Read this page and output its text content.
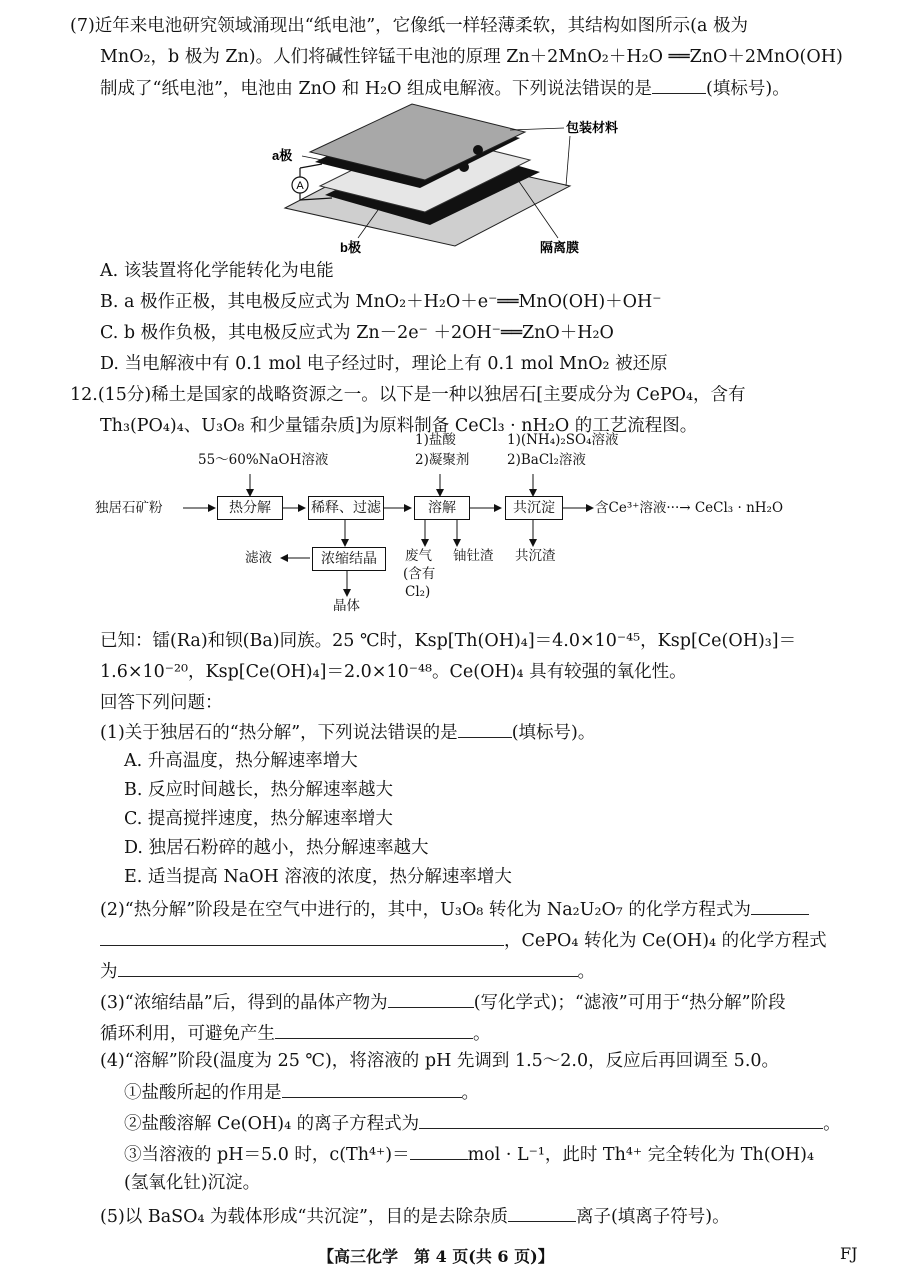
(7)近年来电池研究领域涌现出“纸电池”，它像纸一样轻薄柔软，其结构如图所示(a 极为
MnO₂，b 极为 Zn)。人们将碱性锌锰干电池的原理 Zn＋2MnO₂＋H₂O ══ZnO＋2MnO(OH)
制成了“纸电池”，电池由 ZnO 和 H₂O 组成电解液。下列说法错误的是	(填标号)。
A
a极
b极
包装材料
隔离膜
A. 该装置将化学能转化为电能
B. a 极作正极，其电极反应式为 MnO₂＋H₂O＋e⁻══MnO(OH)＋OH⁻
C. b 极作负极，其电极反应式为 Zn－2e⁻ ＋2OH⁻══ZnO＋H₂O
D. 当电解液中有 0.1 mol 电子经过时，理论上有 0.1 mol MnO₂ 被还原
12.(15分)稀土是国家的战略资源之一。以下是一种以独居石[主要成分为 CePO₄，含有
Th₃(PO₄)₄、U₃O₈ 和少量镭杂质]为原料制备 CeCl₃ · nH₂O 的工艺流程图。
独居石矿粉
55～60%NaOH溶液
热分解	稀释、过滤	溶解	共沉淀
浓缩结晶
1)盐酸
2)凝聚剂
1)(NH₄)₂SO₄溶液
2)BaCl₂溶液
含Ce³⁺溶液···→ CeCl₃ · nH₂O
滤液
晶体
废气
(含有
Cl₂)
铀钍渣 共沉渣
已知：镭(Ra)和钡(Ba)同族。25 ℃时，Ksp[Th(OH)₄]＝4.0×10⁻⁴⁵，Ksp[Ce(OH)₃]＝
1.6×10⁻²⁰，Ksp[Ce(OH)₄]＝2.0×10⁻⁴⁸。Ce(OH)₄ 具有较强的氧化性。
回答下列问题：
(1)关于独居石的“热分解”，下列说法错误的是	(填标号)。
A. 升高温度，热分解速率增大
B. 反应时间越长，热分解速率越大
C. 提高搅拌速度，热分解速率增大
D. 独居石粉碎的越小，热分解速率越大
E. 适当提高 NaOH 溶液的浓度，热分解速率增大
(2)“热分解”阶段是在空气中进行的，其中，U₃O₈ 转化为 Na₂U₂O₇ 的化学方程式为
，CePO₄ 转化为 Ce(OH)₄ 的化学方程式
为	。
(3)“浓缩结晶”后，得到的晶体产物为	(写化学式)；“滤液”可用于“热分解”阶段
循环利用，可避免产生	。
(4)“溶解”阶段(温度为 25 ℃)，将溶液的 pH 先调到 1.5～2.0，反应后再回调至 5.0。
①盐酸所起的作用是	。
②盐酸溶解 Ce(OH)₄ 的离子方程式为	。
③当溶液的 pH＝5.0 时，c(Th⁴⁺)＝	mol · L⁻¹，此时 Th⁴⁺ 完全转化为 Th(OH)₄
(氢氧化钍)沉淀。
(5)以 BaSO₄ 为载体形成“共沉淀”，目的是去除杂质	离子(填离子符号)。
【高三化学　第 4 页(共 6 页)】	FJ
